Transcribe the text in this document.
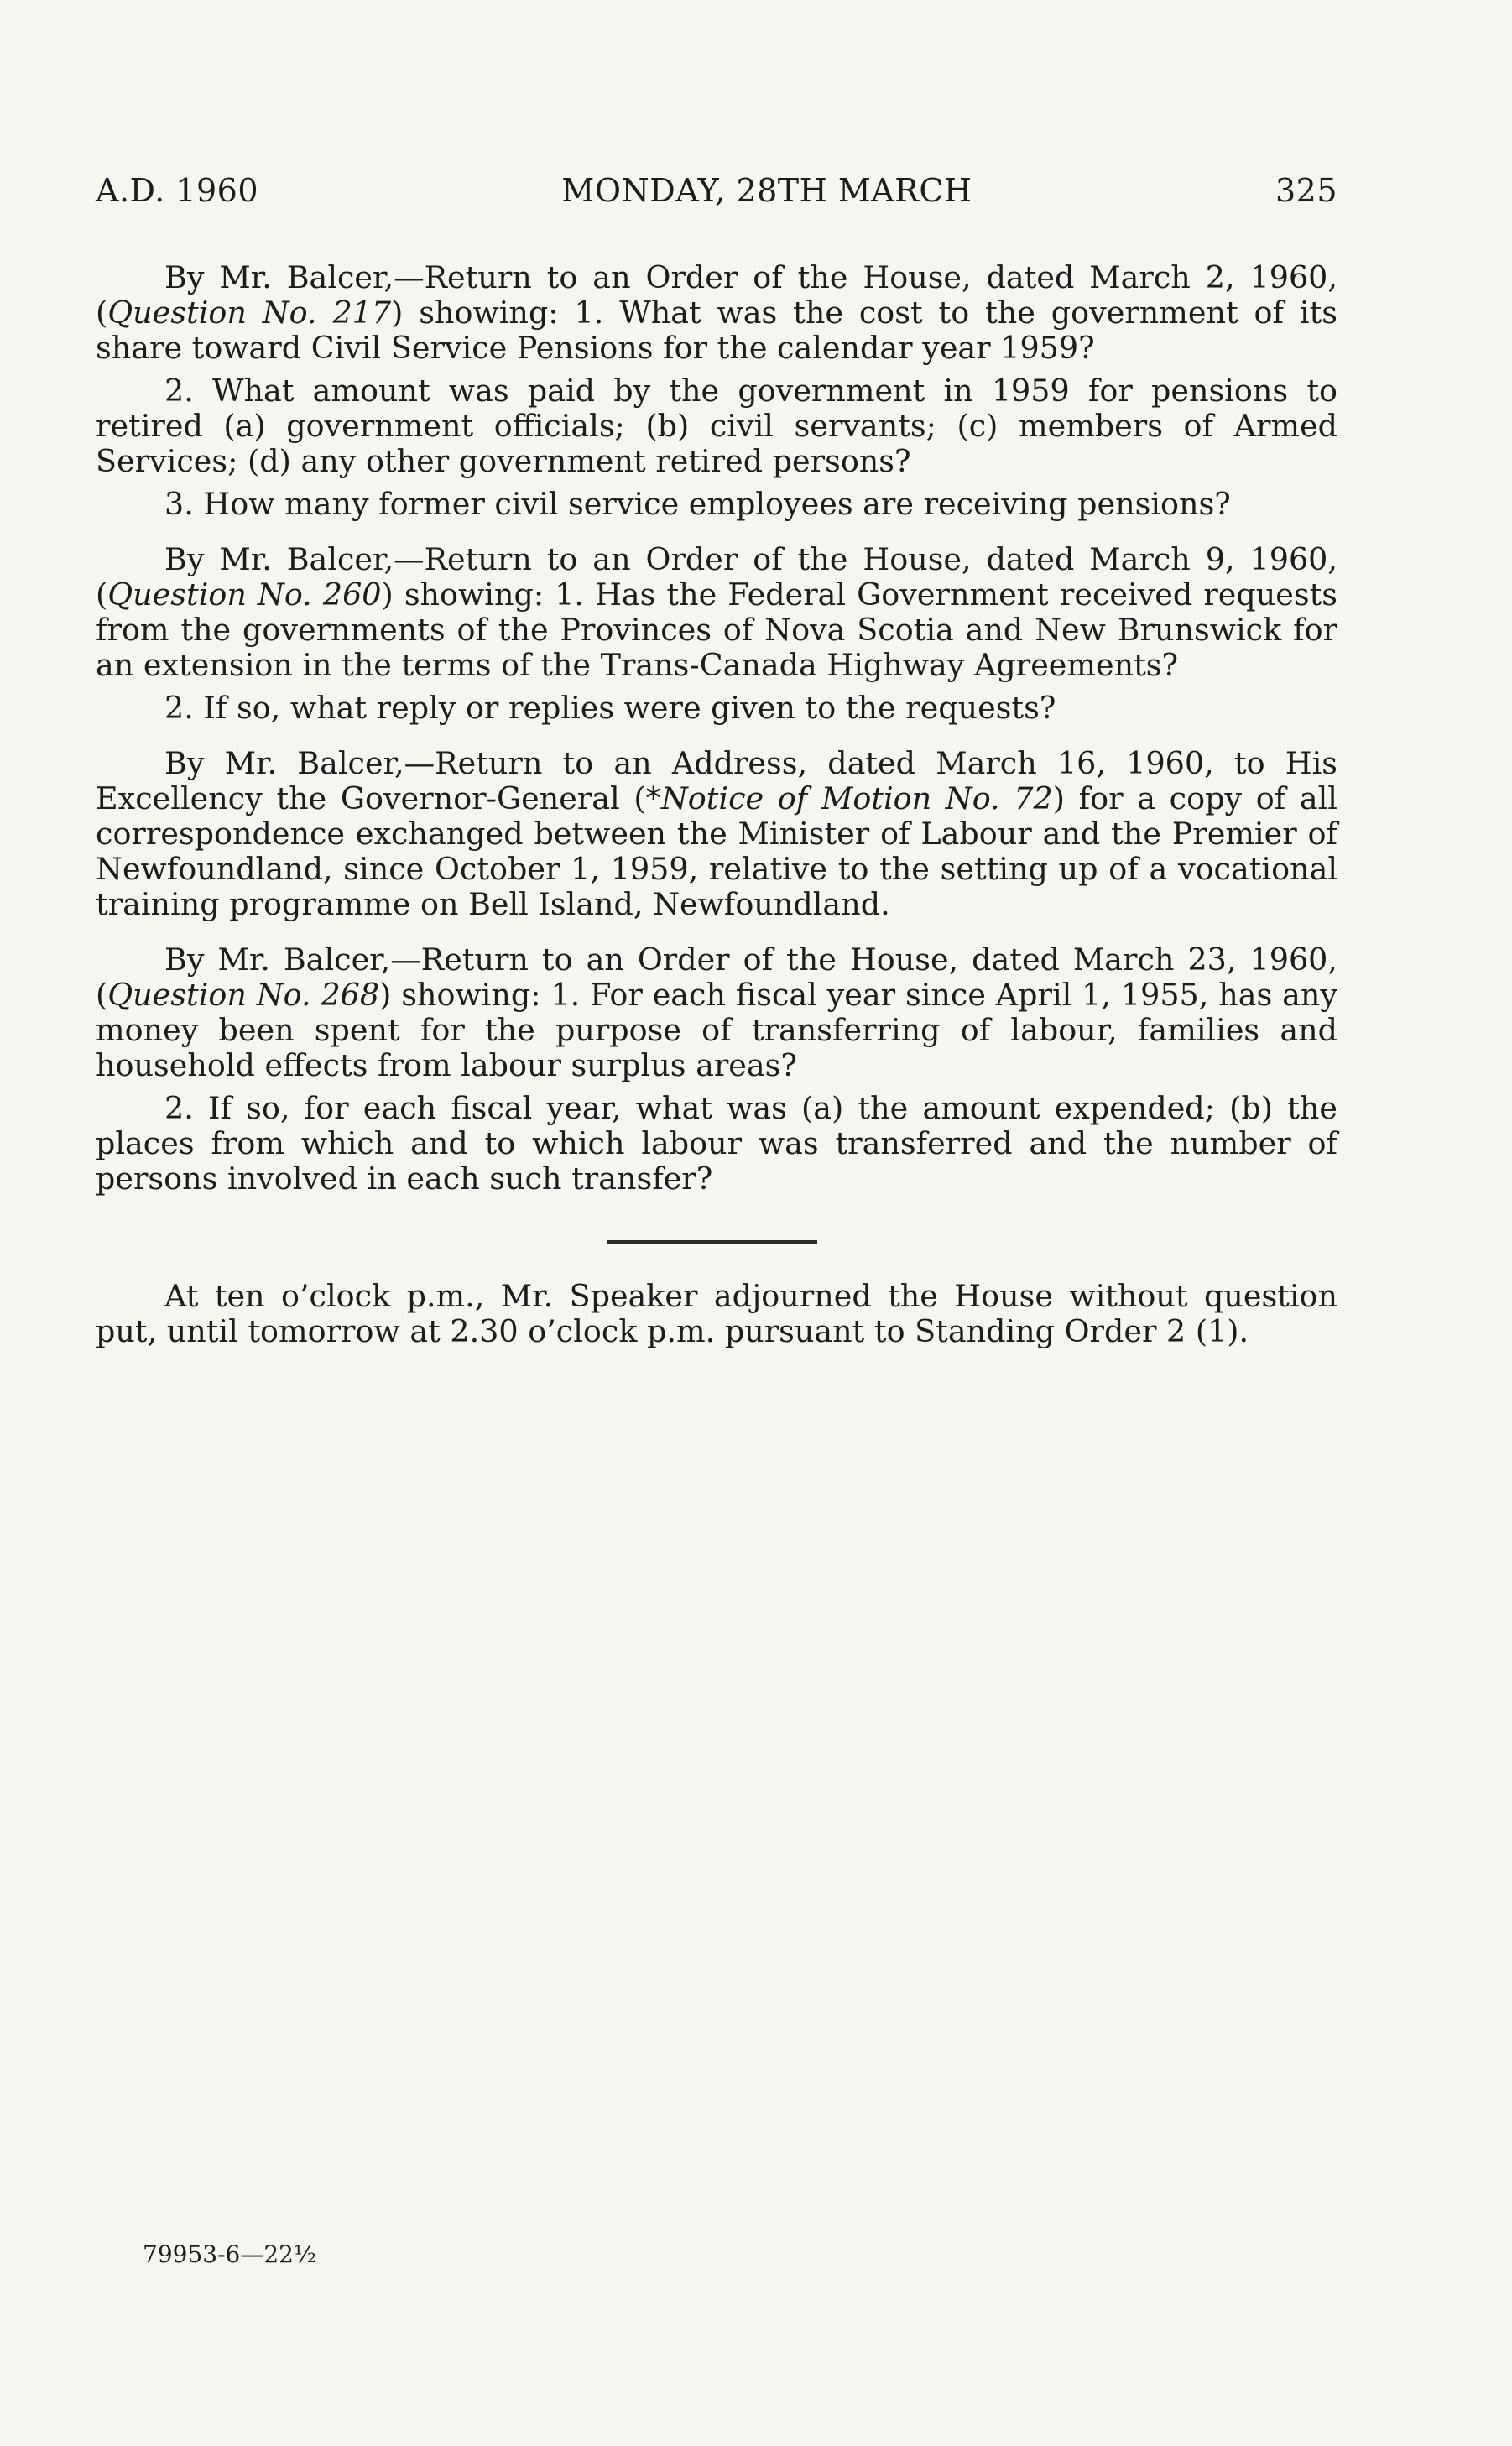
A.D. 1960	MONDAY, 28TH MARCH	325

By Mr. Balcer,—Return to an Order of the House, dated March 2, 1960, (Question No. 217) showing: 1. What was the cost to the government of its share toward Civil Service Pensions for the calendar year 1959?

2. What amount was paid by the government in 1959 for pensions to retired (a) government officials; (b) civil servants; (c) members of Armed Services; (d) any other government retired persons?

3. How many former civil service employees are receiving pensions?

By Mr. Balcer,—Return to an Order of the House, dated March 9, 1960, (Question No. 260) showing: 1. Has the Federal Government received requests from the governments of the Provinces of Nova Scotia and New Brunswick for an extension in the terms of the Trans-Canada Highway Agreements?

2. If so, what reply or replies were given to the requests?

By Mr. Balcer,—Return to an Address, dated March 16, 1960, to His Excellency the Governor-General (*Notice of Motion No. 72) for a copy of all correspondence exchanged between the Minister of Labour and the Premier of Newfoundland, since October 1, 1959, relative to the setting up of a vocational training programme on Bell Island, Newfoundland.

By Mr. Balcer,—Return to an Order of the House, dated March 23, 1960, (Question No. 268) showing: 1. For each fiscal year since April 1, 1955, has any money been spent for the purpose of transferring of labour, families and household effects from labour surplus areas?

2. If so, for each fiscal year, what was (a) the amount expended; (b) the places from which and to which labour was transferred and the number of persons involved in each such transfer?

At ten o’clock p.m., Mr. Speaker adjourned the House without question put, until tomorrow at 2.30 o’clock p.m. pursuant to Standing Order 2 (1).

79953-6—22½
